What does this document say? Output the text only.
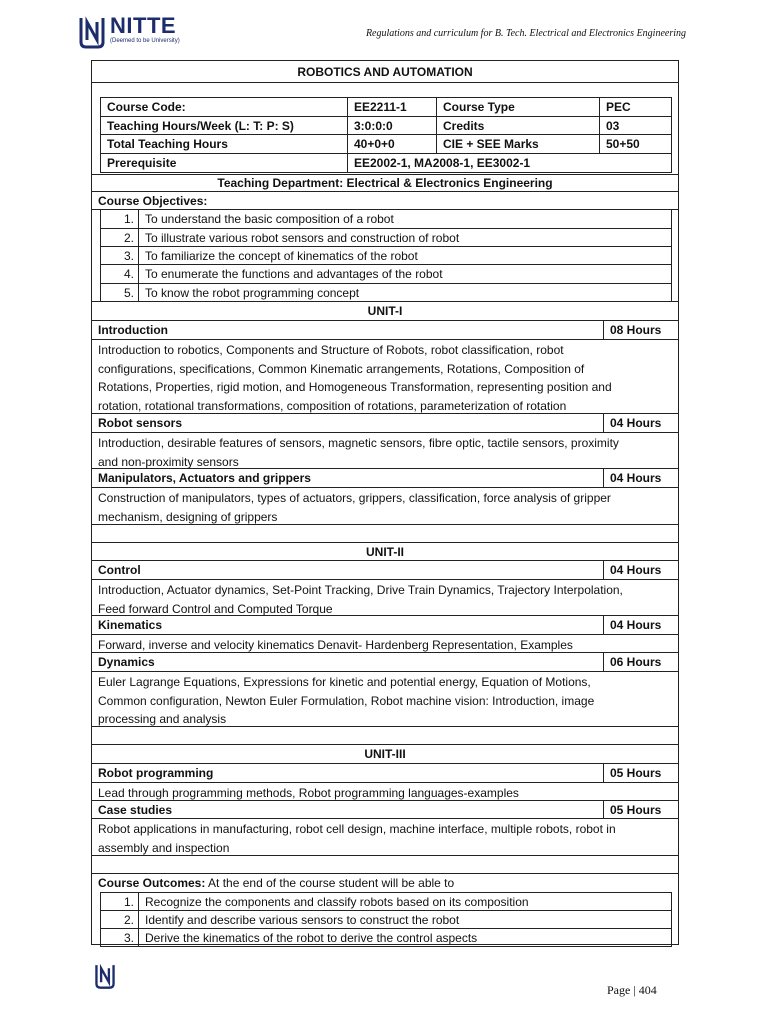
NITTE
(Deemed to be University)
Regulations and curriculum for B. Tech. Electrical and Electronics Engineering
ROBOTICS AND AUTOMATION
Course Code:	EE2211-1	Course Type	PEC
Teaching Hours/Week (L: T: P: S)	3:0:0:0	Credits	03
Total Teaching Hours	40+0+0	CIE + SEE Marks	50+50
Prerequisite	EE2002-1, MA2008-1, EE3002-1
Teaching Department: Electrical & Electronics Engineering
Course Objectives:
1. To understand the basic composition of a robot
2. To illustrate various robot sensors and construction of robot
3. To familiarize the concept of kinematics of the robot
4. To enumerate the functions and advantages of the robot
5. To know the robot programming concept
UNIT-I
Introduction	08 Hours
Introduction to robotics, Components and Structure of Robots, robot classification, robot
configurations, specifications, Common Kinematic arrangements, Rotations, Composition of
Rotations, Properties, rigid motion, and Homogeneous Transformation, representing position and
rotation, rotational transformations, composition of rotations, parameterization of rotation
Robot sensors	04 Hours
Introduction, desirable features of sensors, magnetic sensors, fibre optic, tactile sensors, proximity
and non-proximity sensors
Manipulators, Actuators and grippers	04 Hours
Construction of manipulators, types of actuators, grippers, classification, force analysis of gripper
mechanism, designing of grippers
UNIT-II
Control	04 Hours
Introduction, Actuator dynamics, Set-Point Tracking, Drive Train Dynamics, Trajectory Interpolation,
Feed forward Control and Computed Torque
Kinematics	04 Hours
Forward, inverse and velocity kinematics Denavit- Hardenberg Representation, Examples
Dynamics	06 Hours
Euler Lagrange Equations, Expressions for kinetic and potential energy, Equation of Motions,
Common configuration, Newton Euler Formulation, Robot machine vision: Introduction, image
processing and analysis
UNIT-III
Robot programming	05 Hours
Lead through programming methods, Robot programming languages-examples
Case studies	05 Hours
Robot applications in manufacturing, robot cell design, machine interface, multiple robots, robot in
assembly and inspection
Course Outcomes: At the end of the course student will be able to
1. Recognize the components and classify robots based on its composition
2. Identify and describe various sensors to construct the robot
3. Derive the kinematics of the robot to derive the control aspects
Page | 404
